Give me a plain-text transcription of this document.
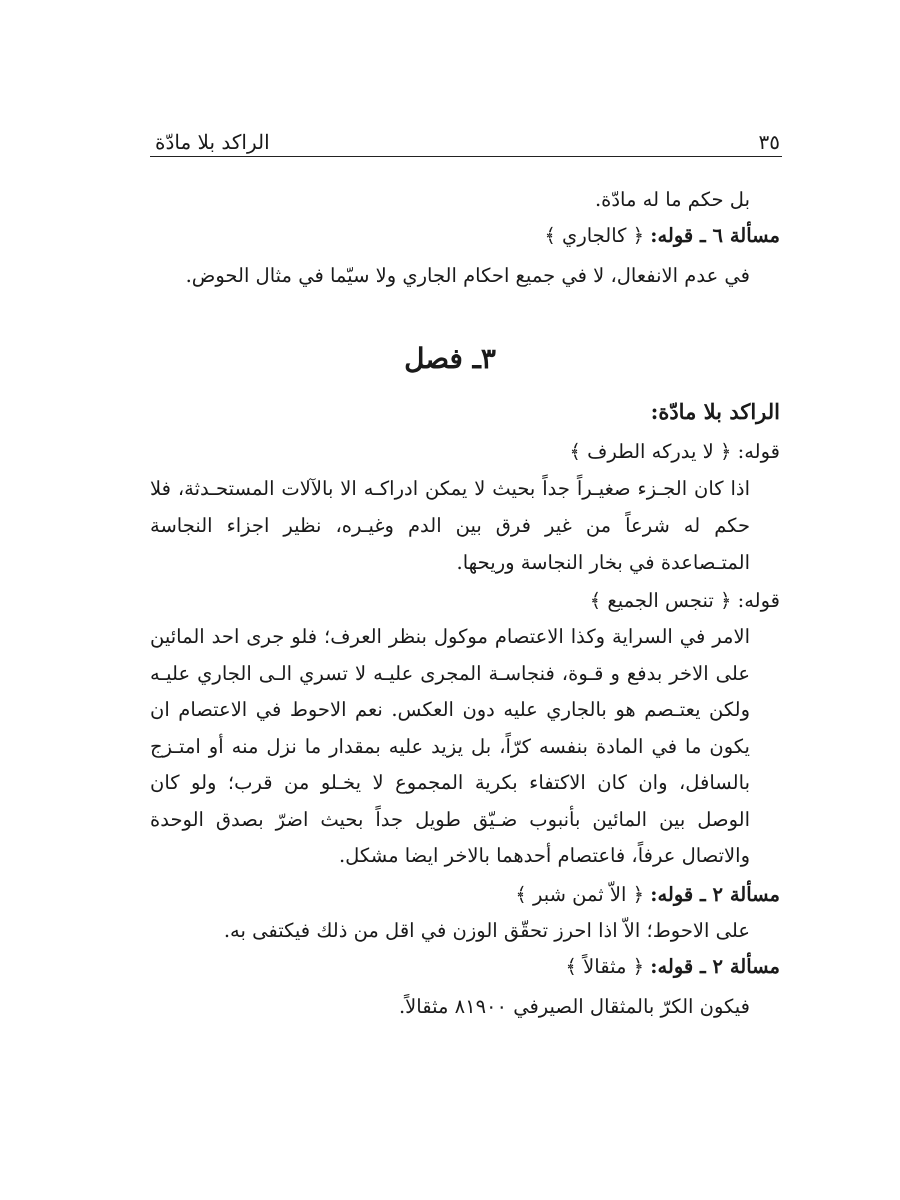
٣٥
الراكد بلا مادّة

بل حكم ما له مادّة.

مسألة ٦ ـ قوله: ﴿ كالجاري ﴾

في عدم الانفعال، لا في جميع احكام الجاري ولا سيّما في مثال الحوض.

٣ـ فصل

الراكد بلا مادّة:

قوله: ﴿ لا يدركه الطرف ﴾

اذا كان الجـزء صغيـراً جداً بحيث لا يمكن ادراكـه الا بالآلات المستحـدثة، فلا حكم له شرعاً من غير فرق بين الدم وغيـره، نظير اجزاء النجاسة المتـصاعدة في بخار النجاسة وريحها.

قوله: ﴿ تنجس الجميع ﴾

الامر في السراية وكذا الاعتصام موكول بنظر العرف؛ فلو جرى احد المائين على الاخر بدفع و قـوة، فنجاسـة المجرى عليـه لا تسري الـى الجاري عليـه ولكن يعتـصم هو بالجاري عليه دون العكس. نعم الاحوط في الاعتصام ان يكون ما في المادة بنفسه كرّاً، بل يزيد عليه بمقدار ما نزل منه أو امتـزج بالسافل، وان كان الاكتفاء بكرية المجموع لا يخـلو من قرب؛ ولو كان الوصل بين المائين بأنبوب ضـيّق طويل جداً بحيث اضرّ بصدق الوحدة والاتصال عرفاً، فاعتصام أحدهما بالاخر ايضا مشكل.

مسألة ٢ ـ قوله: ﴿ الاّ ثمن شبر ﴾

على الاحوط؛ الاّ اذا احرز تحقّق الوزن في اقل من ذلك فيكتفى به.

مسألة ٢ ـ قوله: ﴿ مثقالاً ﴾

فيكون الكرّ بالمثقال الصيرفي ٨١٩٠٠ مثقالاً.
